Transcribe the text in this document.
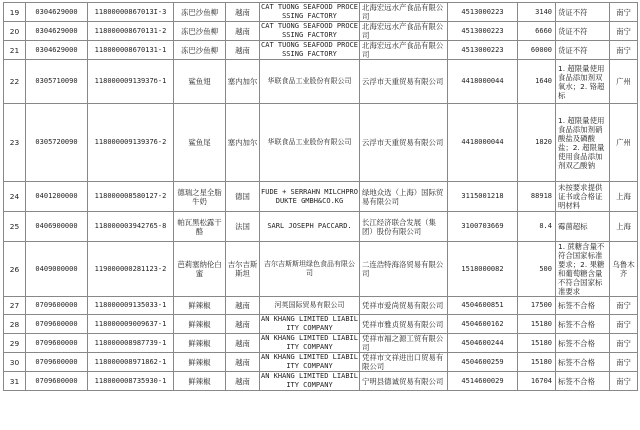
19	0304629000	11800000867013I-3	冻巴沙鱼柳	越南	CAT TUONG SEAFOOD PROCESSING FACTORY	北海宏远水产食品有限公司	4513000223	3140	货证不符	南宁
20	0304629000	118000008670131-2	冻巴沙鱼柳	越南	CAT TUONG SEAFOOD PROCESSING FACTORY	北海宏远水产食品有限公司	4513000223	6660	货证不符	南宁
21	0304629000	118000008670131-1	冻巴沙鱼柳	越南	CAT TUONG SEAFOOD PROCESSING FACTORY	北海宏远水产食品有限公司	4513000223	60000	货证不符	南宁
22	0305710090	11800000913937б-1	鲨鱼翅	塞内加尔	华联食品工业股份有限公司	云浮市天重贸易有限公司	4418000044	1640	1. 超限量使用食品添加剂双氧水；2. 铬超标	广州
23	0305720090	118000009139376-2	鲨鱼尾	塞内加尔	华联食品工业股份有限公司	云浮市天重贸易有限公司	4418000044	1820	1. 超限量使用食品添加剂硝酸盐及磷酸盐；2. 超限量使用食品添加剂双乙酸钠	广州
24	0401200000	118000008580127-2	德瑞之星全脂牛奶	德国	FUDE + SERRAHN MILCHPRODUKTE GMBH&CO.KG	绿地众选（上海）国际贸易有限公司	3115001218	88918	未按要求提供证书或合格证明材料	上海
25	0406900000	118000003942765-8	帕瓦黑松露干酪	法国	SARL JOSEPH PACCARD.	长江经济联合发展（集团）股份有限公司	3100703669	8.4	霉菌超标	上海
26	0409000000	119000000281123-2	芭莉塞纳伦白蜜	吉尔吉斯斯坦	吉尔吉斯斯坦绿色食品有限公司	二连浩特海洛贸易有限公司	1518000082	500	1. 蔗糖含量不符合国家标准要求；2. 果糖和葡萄糖含量不符合国家标准要求	乌鲁木齐
27	0709600000	118000009135033-1	鲜辣椒	越南	河英国际贸易有限公司	凭祥市爱尚贸易有限公司	4504600851	17500	标签不合格	南宁
28	0709600000	118000009009637-1	鲜辣椒	越南	AN KHANG LIMITED LIABILITY COMPANY	凭祥市雅贞贸易有限公司	4504600162	15180	标签不合格	南宁
29	0709600000	118000008987739-1	鲜辣椒	越南	AN KHANG LIMITED LIABILITY COMPANY	凭祥市福之源工贸有限公司	4504600244	15180	标签不合格	南宁
30	0709600000	118000008971862-1	鲜辣椒	越南	AN KHANG LIMITED LIABILITY COMPANY	凭祥市文祥进出口贸易有限公司	4504600259	15180	标签不合格	南宁
31	0709600000	118000008735930-1	鲜辣椒	越南	AN KHANG LIMITED LIABILITY COMPANY	宁明县德诚贸易有限公司	4514600029	16704	标签不合格	南宁
